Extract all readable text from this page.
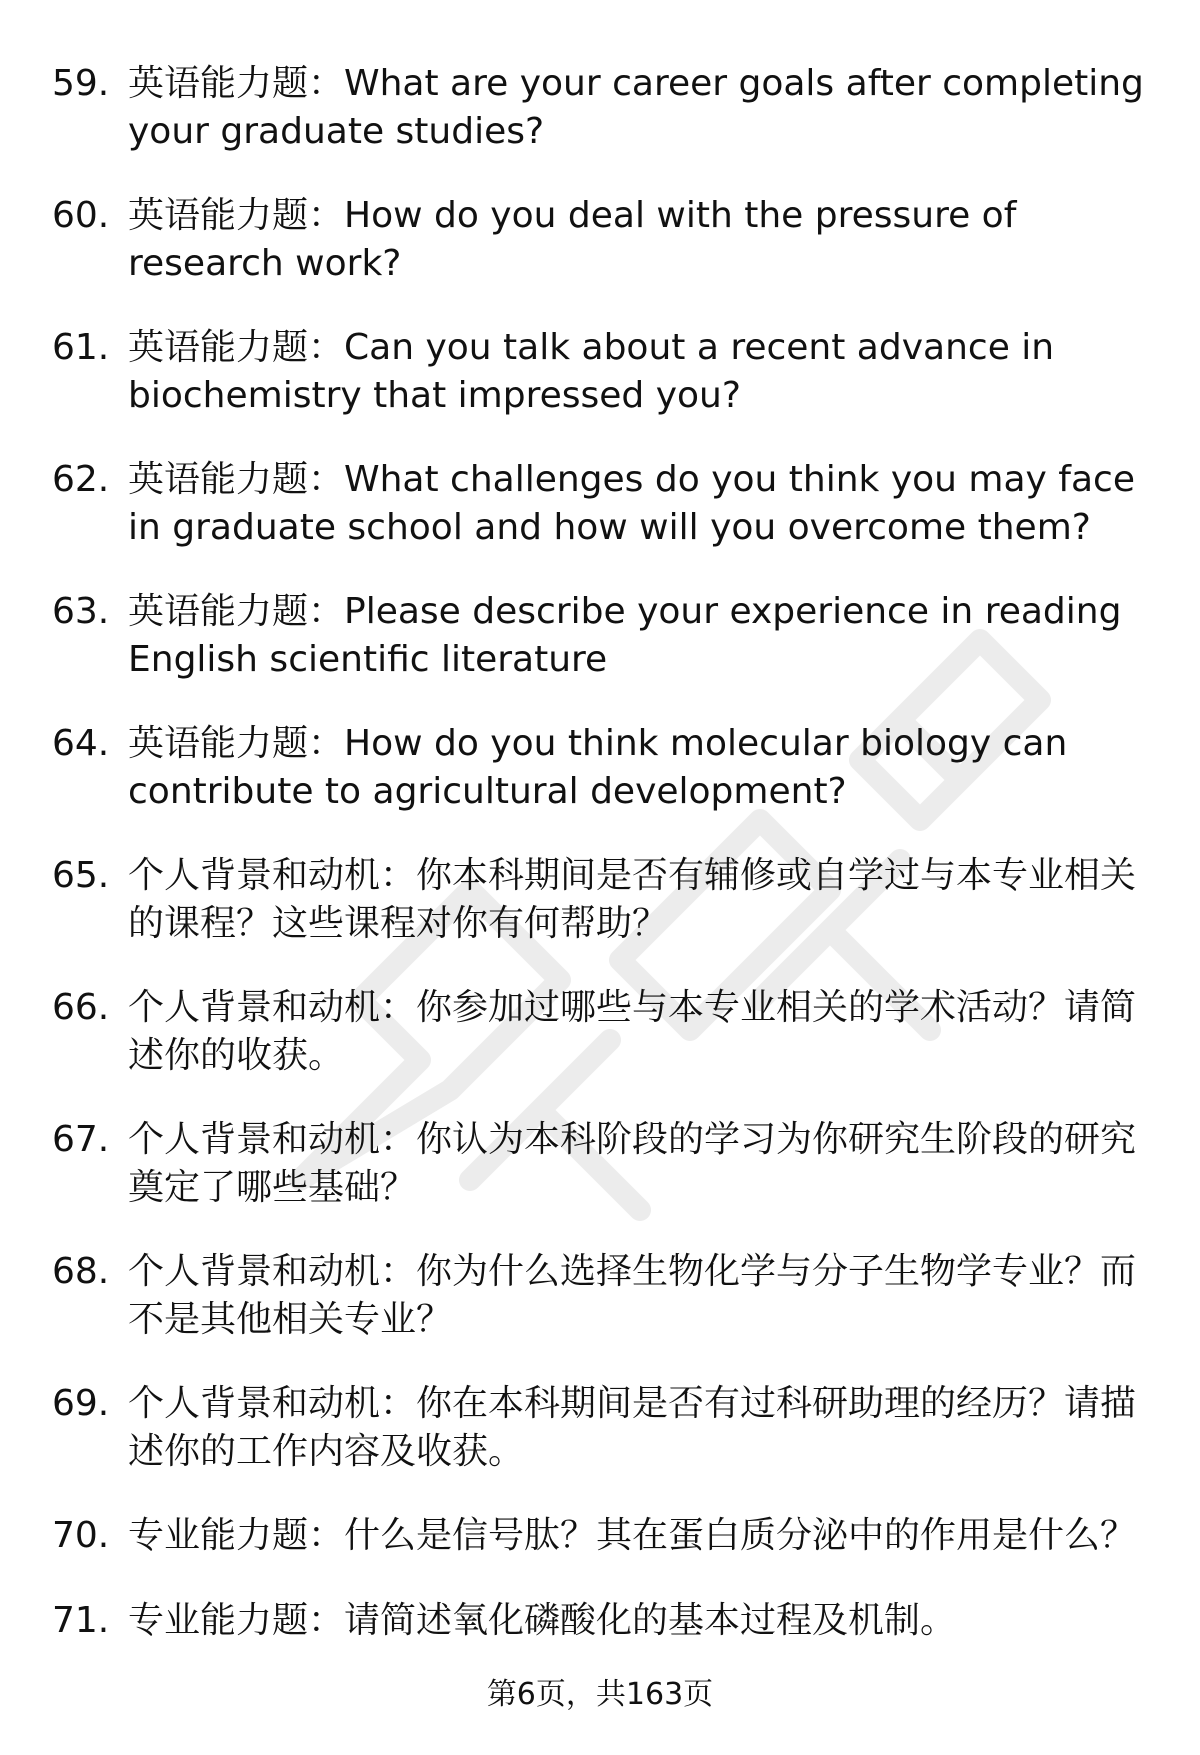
59. 英语能力题：What are your career goals after completing your graduate studies?
60. 英语能力题：How do you deal with the pressure of research work?
61. 英语能力题：Can you talk about a recent advance in biochemistry that impressed you?
62. 英语能力题：What challenges do you think you may face in graduate school and how will you overcome them?
63. 英语能力题：Please describe your experience in reading English scientific literature
64. 英语能力题：How do you think molecular biology can contribute to agricultural development?
65. 个人背景和动机：你本科期间是否有辅修或自学过与本专业相关的课程？这些课程对你有何帮助？
66. 个人背景和动机：你参加过哪些与本专业相关的学术活动？请简述你的收获。
67. 个人背景和动机：你认为本科阶段的学习为你研究生阶段的研究奠定了哪些基础？
68. 个人背景和动机：你为什么选择生物化学与分子生物学专业？而不是其他相关专业？
69. 个人背景和动机：你在本科期间是否有过科研助理的经历？请描述你的工作内容及收获。
70. 专业能力题：什么是信号肽？其在蛋白质分泌中的作用是什么？
71. 专业能力题：请简述氧化磷酸化的基本过程及机制。
第6页，共163页
